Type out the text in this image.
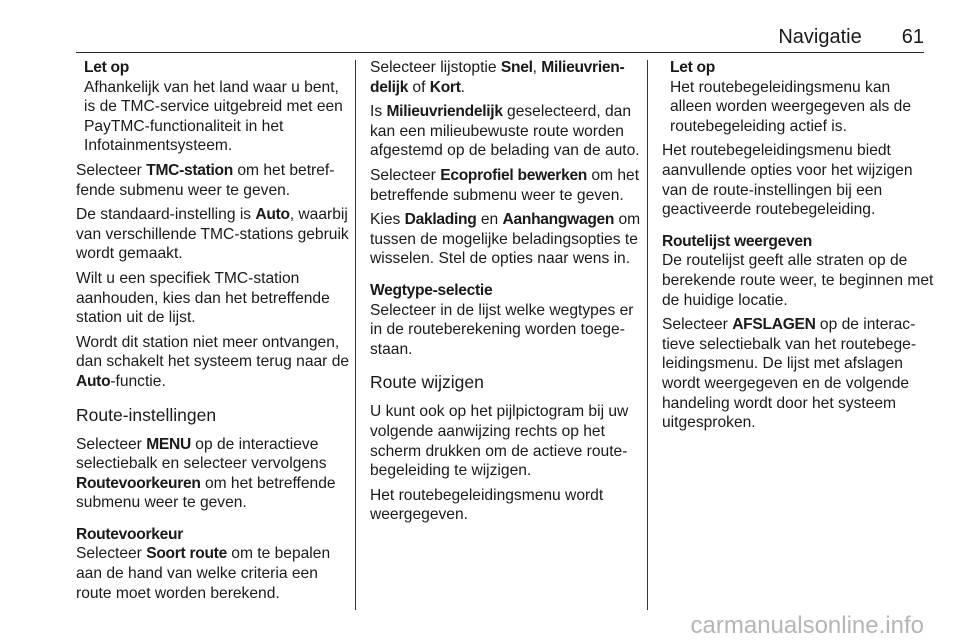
Navigatie 61
Let op
Afhankelijk van het land waar u bent, is de TMC-service uitgebreid met een PayTMC-functionaliteit in het Infotainmentsysteem.

Selecteer TMC-station om het betreffende submenu weer te geven.

De standaard-instelling is Auto, waarbij van verschillende TMC-stations gebruik wordt gemaakt.

Wilt u een specifiek TMC-station aanhouden, kies dan het betreffende station uit de lijst.

Wordt dit station niet meer ontvangen, dan schakelt het systeem terug naar de Auto-functie.

Route-instellingen

Selecteer MENU op de interactieve selectiebalk en selecteer vervolgens Routevoorkeuren om het betreffende submenu weer te geven.

Routevoorkeur

Selecteer Soort route om te bepalen aan de hand van welke criteria een route moet worden berekend.

Selecteer lijstoptie Snel, Milieuvriendelijk of Kort.

Is Milieuvriendelijk geselecteerd, dan kan een milieubewuste route worden afgestemd op de belading van de auto.

Selecteer Ecoprofiel bewerken om het betreffende submenu weer te geven.

Kies Daklading en Aanhangwagen om tussen de mogelijke beladingsopties te wisselen. Stel de opties naar wens in.

Wegtype-selectie

Selecteer in de lijst welke wegtypes er in de routeberekening worden toegestaan.

Route wijzigen

U kunt ook op het pijlpictogram bij uw volgende aanwijzing rechts op het scherm drukken om de actieve routebegeleiding te wijzigen.

Het routebegeleidingsmenu wordt weergegeven.

Let op
Het routebegeleidingsmenu kan alleen worden weergegeven als de routebegeleiding actief is.

Het routebegeleidingsmenu biedt aanvullende opties voor het wijzigen van de route-instellingen bij een geactiveerde routebegeleiding.

Routelijst weergeven

De routelijst geeft alle straten op de berekende route weer, te beginnen met de huidige locatie.

Selecteer AFSLAGEN op de interactieve selectiebalk van het routebegeleidingsmenu. De lijst met afslagen wordt weergegeven en de volgende handeling wordt door het systeem uitgesproken.

carmanualsonline.info
